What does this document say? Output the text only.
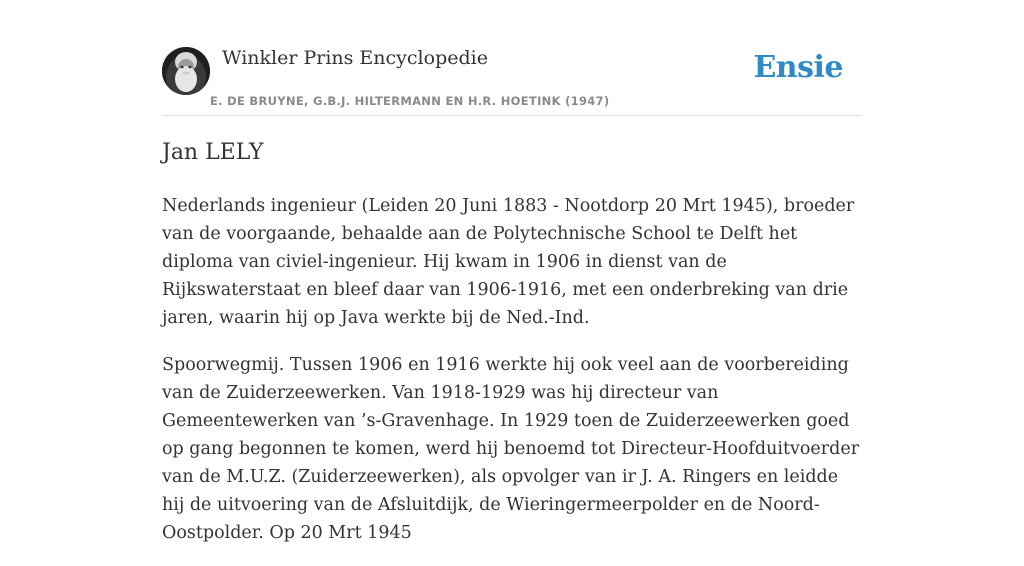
Winkler Prins Encyclopedie
E. DE BRUYNE, G.B.J. HILTERMANN EN H.R. HOETINK (1947)
Ensie
Jan LELY

Nederlands ingenieur (Leiden 20 Juni 1883 - Nootdorp 20 Mrt 1945), broeder van de voorgaande, behaalde aan de Polytechnische School te Delft het diploma van civiel-ingenieur. Hij kwam in 1906 in dienst van de Rijkswaterstaat en bleef daar van 1906-1916, met een onderbreking van drie jaren, waarin hij op Java werkte bij de Ned.-Ind.

Spoorwegmij. Tussen 1906 en 1916 werkte hij ook veel aan de voorbereiding van de Zuiderzeewerken. Van 1918-1929 was hij directeur van Gemeentewerken van ’s-Gravenhage. In 1929 toen de Zuiderzeewerken goed op gang begonnen te komen, werd hij benoemd tot Directeur-Hoofduitvoerder van de M.U.Z. (Zuiderzeewerken), als opvolger van ir J. A. Ringers en leidde hij de uitvoering van de Afsluitdijk, de Wieringermeerpolder en de Noord-Oostpolder. Op 20 Mrt 1945
